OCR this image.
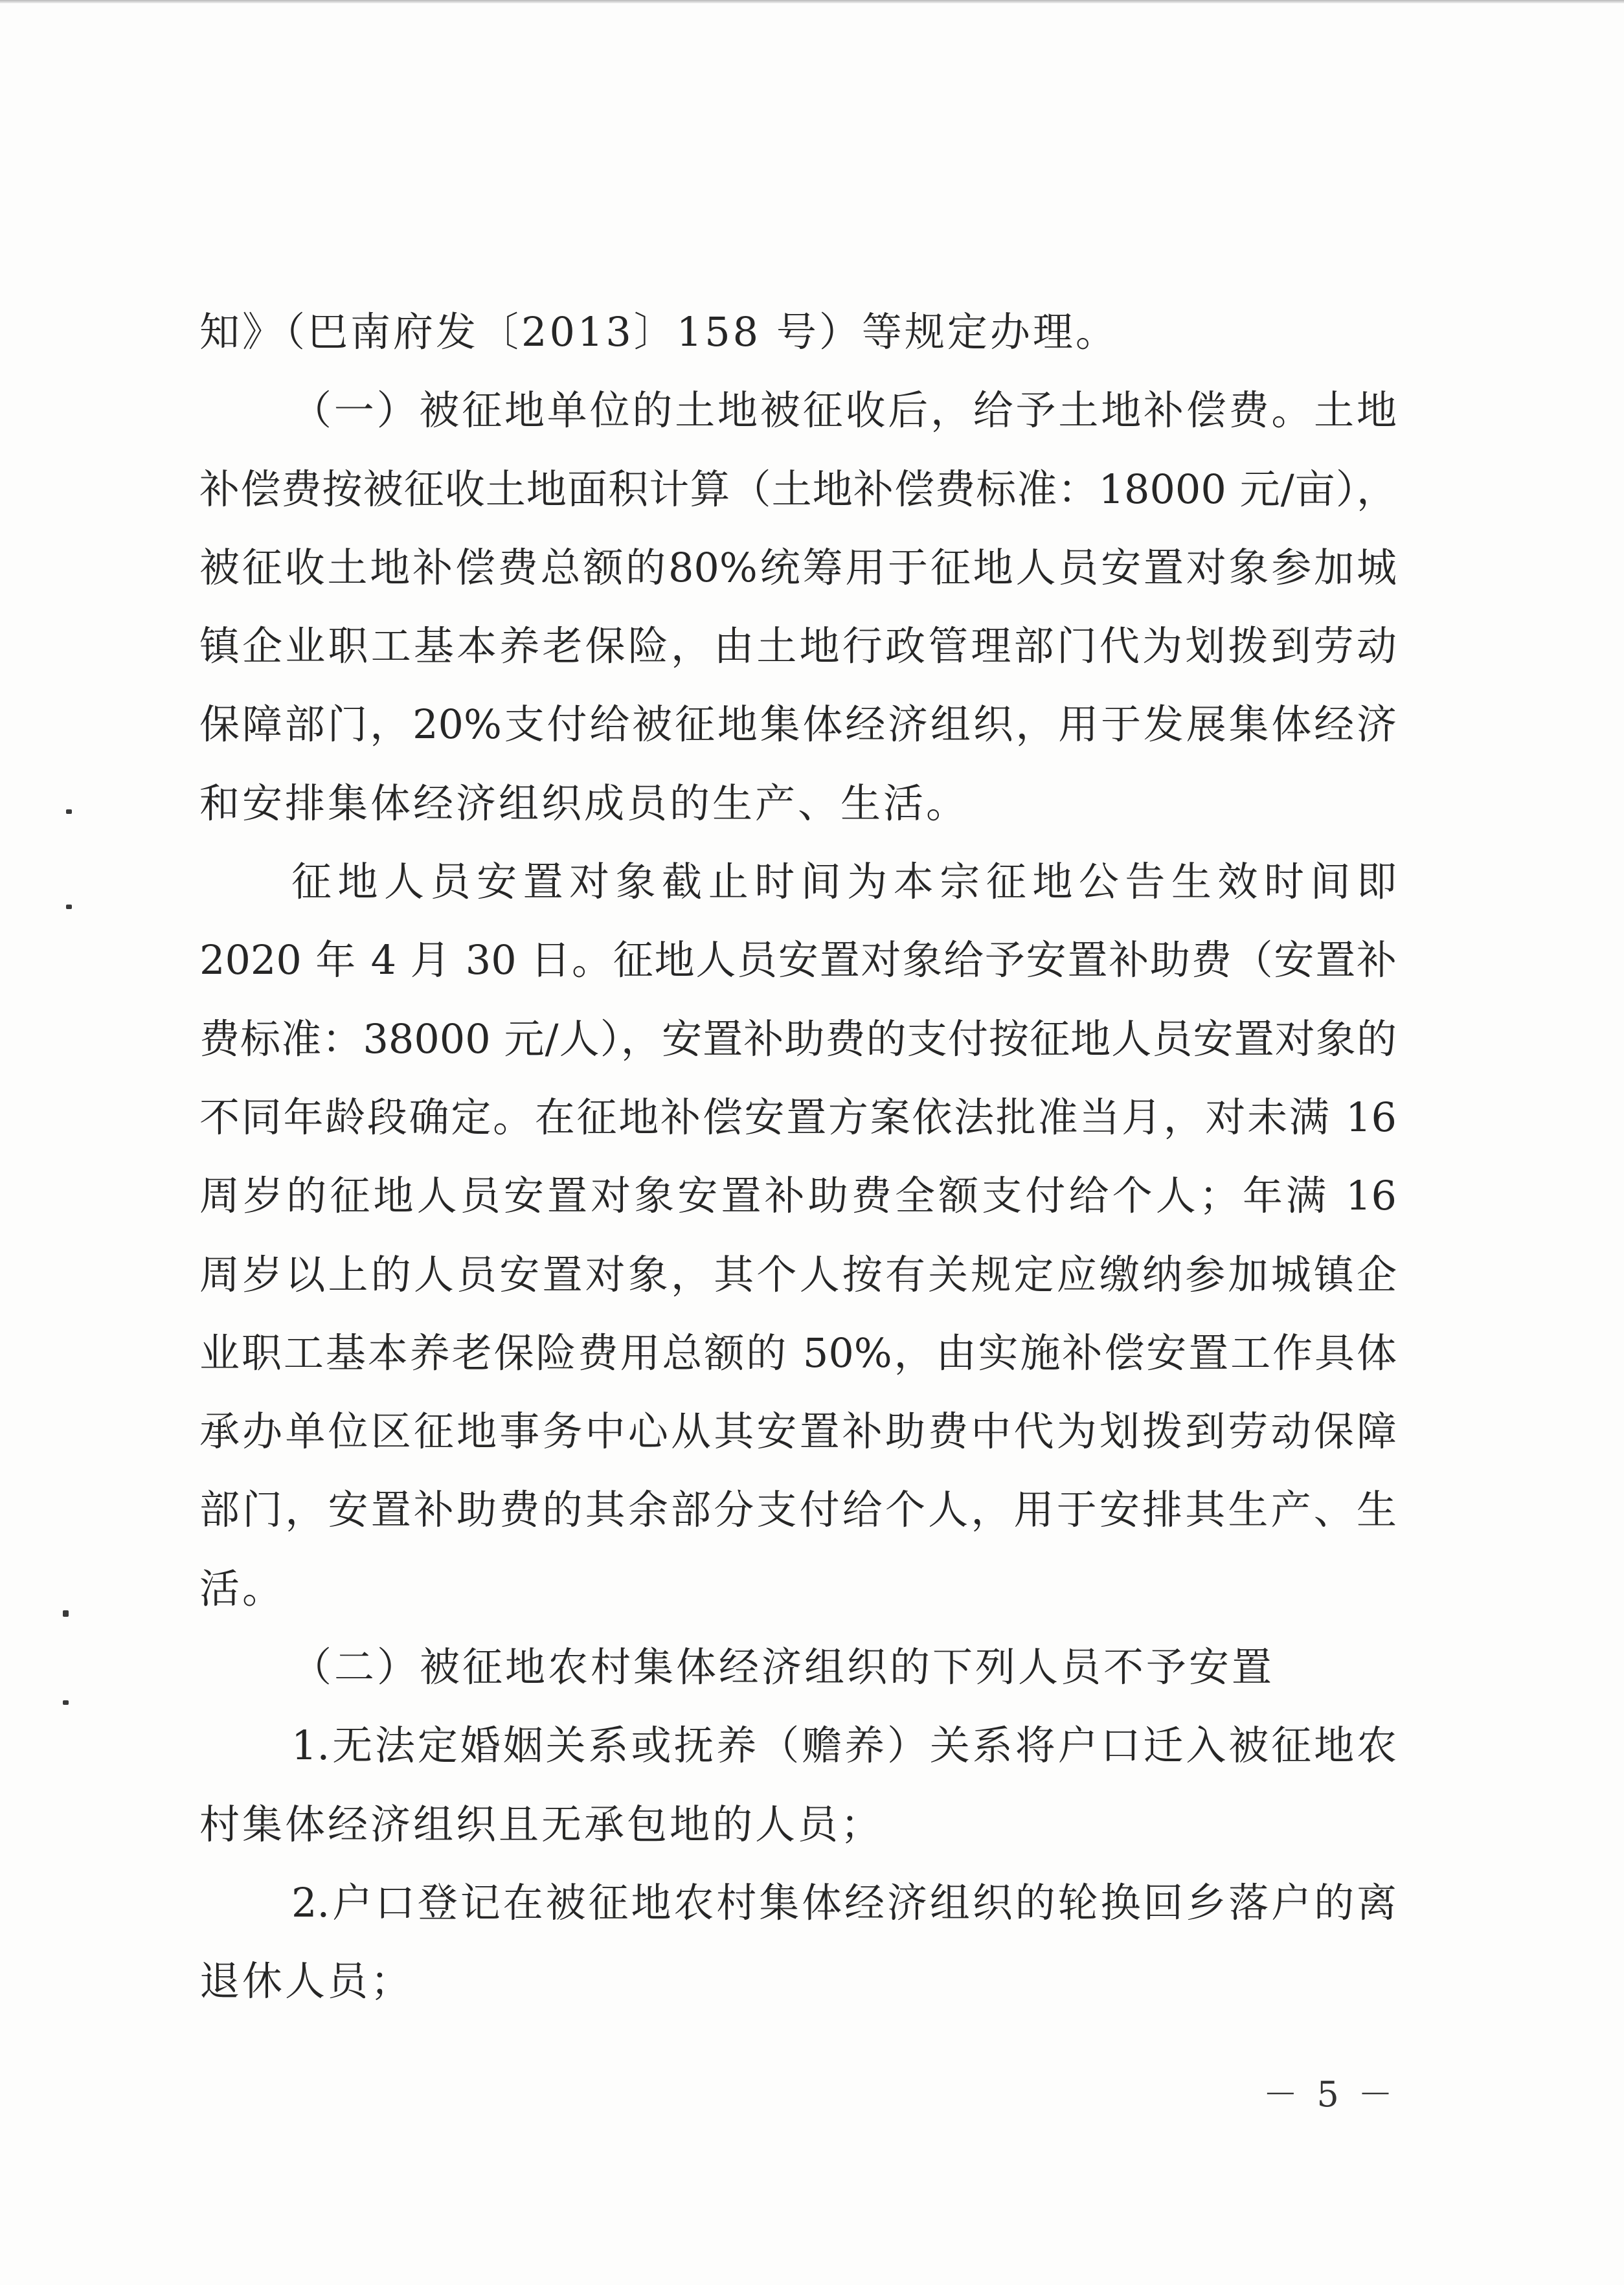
知》（巴南府发〔2013〕158 号）等规定办理。
（一）被征地单位的土地被征收后，给予土地补偿费。土地
补偿费按被征收土地面积计算（土地补偿费标准：18000 元/亩），
被征收土地补偿费总额的80%统筹用于征地人员安置对象参加城
镇企业职工基本养老保险，由土地行政管理部门代为划拨到劳动
保障部门，20%支付给被征地集体经济组织，用于发展集体经济
和安排集体经济组织成员的生产、生活。
征地人员安置对象截止时间为本宗征地公告生效时间即
2020 年 4 月 30 日。征地人员安置对象给予安置补助费（安置补
费标准：38000 元/人），安置补助费的支付按征地人员安置对象的
不同年龄段确定。在征地补偿安置方案依法批准当月，对未满 16
周岁的征地人员安置对象安置补助费全额支付给个人；年满 16
周岁以上的人员安置对象，其个人按有关规定应缴纳参加城镇企
业职工基本养老保险费用总额的 50%，由实施补偿安置工作具体
承办单位区征地事务中心从其安置补助费中代为划拨到劳动保障
部门，安置补助费的其余部分支付给个人，用于安排其生产、生
活。
（二）被征地农村集体经济组织的下列人员不予安置
1.无法定婚姻关系或抚养（赡养）关系将户口迁入被征地农
村集体经济组织且无承包地的人员；
2.户口登记在被征地农村集体经济组织的轮换回乡落户的离
退休人员；
－ 5 －
